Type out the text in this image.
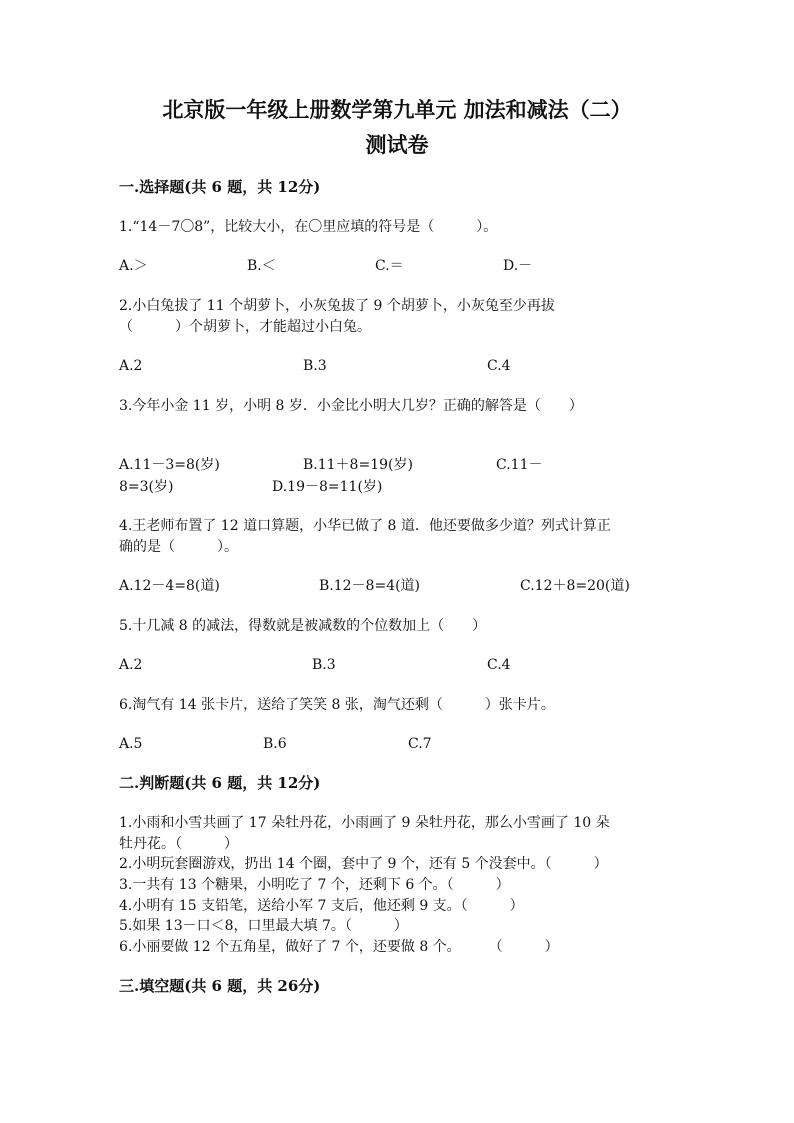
北京版一年级上册数学第九单元 加法和减法（二）
测试卷
一.选择题(共 6 题，共 12分)
1.“14－7〇8”，比较大小，在〇里应填的符号是（　　　）。
A.＞	B.＜	C.＝	D.－
2.小白兔拔了 11 个胡萝卜，小灰兔拔了 9 个胡萝卜，小灰兔至少再拔
（　　　）个胡萝卜，才能超过小白兔。
A.2	B.3	C.4
3.今年小金 11 岁，小明 8 岁．小金比小明大几岁？正确的解答是（　　）
A.11－3=8(岁)	B.11＋8=19(岁)	C.11－
8=3(岁)	D.19－8=11(岁)
4.王老师布置了 12 道口算题，小华已做了 8 道．他还要做多少道？列式计算正
确的是（　　　）。
A.12－4=8(道)	B.12－8=4(道)	C.12＋8=20(道)
5.十几减 8 的减法，得数就是被减数的个位数加上（　　）
A.2	B.3	C.4
6.淘气有 14 张卡片，送给了笑笑 8 张，淘气还剩（　　　）张卡片。
A.5	B.6	C.7
二.判断题(共 6 题，共 12分)
1.小雨和小雪共画了 17 朵牡丹花，小雨画了 9 朵牡丹花，那么小雪画了 10 朵
牡丹花。（　　　）
2.小明玩套圈游戏，扔出 14 个圈，套中了 9 个，还有 5 个没套中。（　　　）
3.一共有 13 个糖果，小明吃了 7 个，还剩下 6 个。（　　　）
4.小明有 15 支铅笔，送给小军 7 支后，他还剩 9 支。（　　　）
5.如果 13－口＜8，口里最大填 7。（　　　）
6.小丽要做 12 个五角星，做好了 7 个，还要做 8 个。　　　（　　　）
三.填空题(共 6 题，共 26分)
